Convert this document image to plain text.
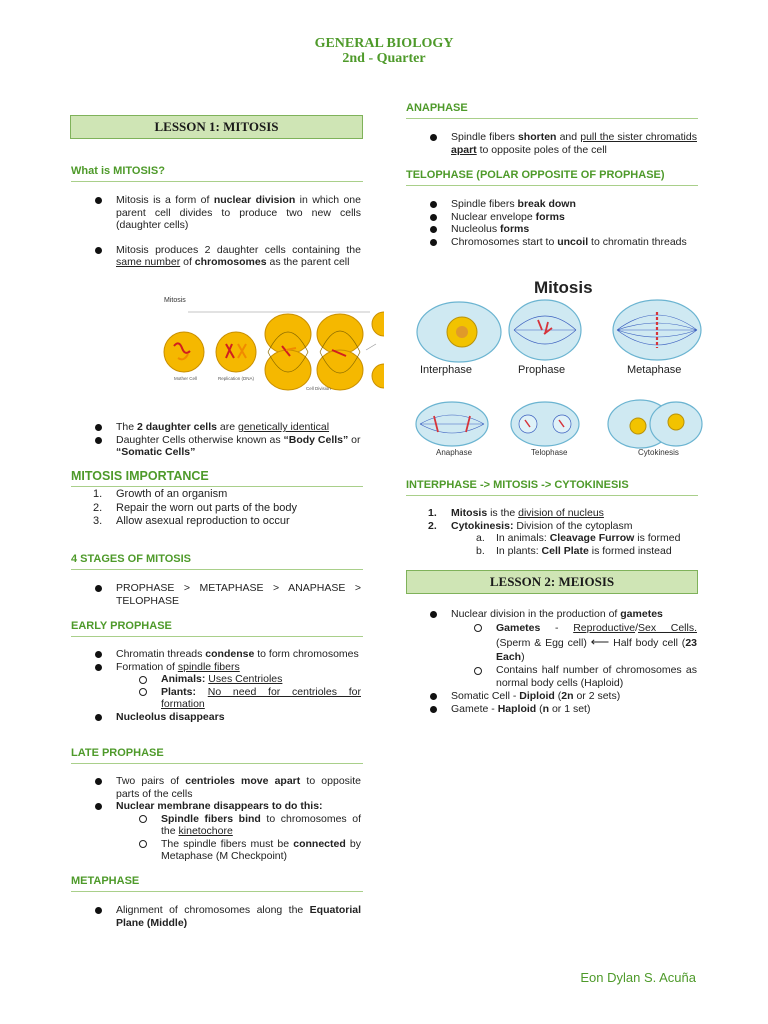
GENERAL BIOLOGY
2nd - Quarter
LESSON 1: MITOSIS
What is MITOSIS?
Mitosis is a form of nuclear division in which one parent cell divides to produce two new cells (daughter cells)
Mitosis produces 2 daughter cells containing the same number of chromosomes as the parent cell
Mitosis
Mother Cell	Replication (DNA)
Cell Division
The 2 daughter cells are genetically identical
Daughter Cells otherwise known as “Body Cells” or “Somatic Cells”
MITOSIS IMPORTANCE
1. Growth of an organism
2. Repair the worn out parts of the body
3. Allow asexual reproduction to occur
4 STAGES OF MITOSIS
PROPHASE > METAPHASE > ANAPHASE > TELOPHASE
EARLY PROPHASE
Chromatin threads condense to form chromosomes
Formation of spindle fibers
Animals: Uses Centrioles
Plants: No need for centrioles for formation
Nucleolus disappears
LATE PROPHASE
Two pairs of centrioles move apart to opposite parts of the cells
Nuclear membrane disappears to do this:
Spindle fibers bind to chromosomes of the kinetochore
The spindle fibers must be connected by Metaphase (M Checkpoint)
METAPHASE
Alignment of chromosomes along the Equatorial Plane (Middle)
ANAPHASE
Spindle fibers shorten and pull the sister chromatids apart to opposite poles of the cell
TELOPHASE (POLAR OPPOSITE OF PROPHASE)
Spindle fibers break down
Nuclear envelope forms
Nucleolus forms
Chromosomes start to uncoil to chromatin threads
Mitosis
Interphase	Prophase	Metaphase
Anaphase	Telophase	Cytokinesis
INTERPHASE -> MITOSIS -> CYTOKINESIS
1. Mitosis is the division of nucleus
2. Cytokinesis: Division of the cytoplasm
a. In animals: Cleavage Furrow is formed
b. In plants: Cell Plate is formed instead
LESSON 2: MEIOSIS
Nuclear division in the production of gametes
Gametes - Reproductive/Sex Cells. (Sperm & Egg cell) ⟵ Half body cell (23 Each)
Contains half number of chromosomes as normal body cells (Haploid)
Somatic Cell - Diploid (2n or 2 sets)
Gamete - Haploid (n or 1 set)
Eon Dylan S. Acuña
